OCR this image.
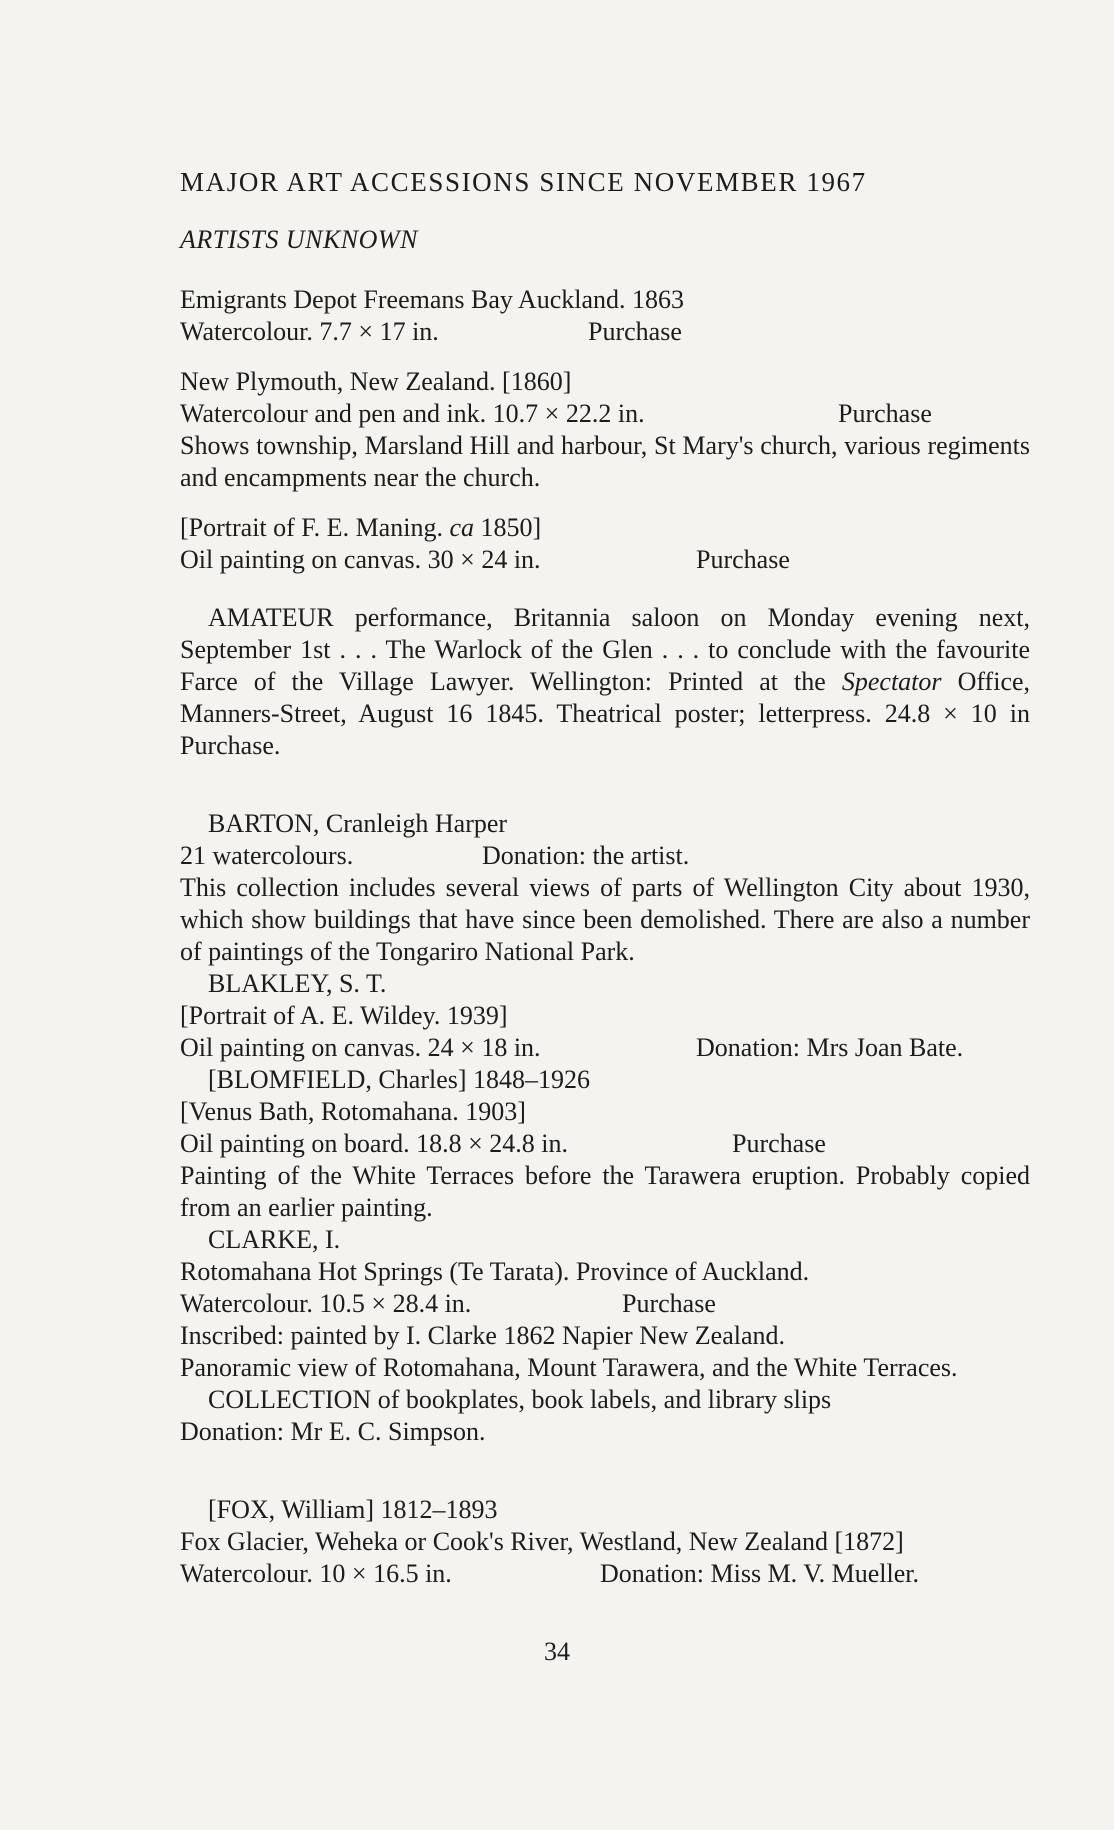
MAJOR ART ACCESSIONS SINCE NOVEMBER 1967
ARTISTS UNKNOWN
Emigrants Depot Freemans Bay Auckland. 1863
Watercolour. 7.7 × 17 in.	Purchase
New Plymouth, New Zealand. [1860]
Watercolour and pen and ink. 10.7 × 22.2 in.	Purchase
Shows township, Marsland Hill and harbour, St Mary's church, various regiments and encampments near the church.
[Portrait of F. E. Maning. ca 1850]
Oil painting on canvas. 30 × 24 in.	Purchase
AMATEUR performance, Britannia saloon on Monday evening next, September 1st . . . The Warlock of the Glen . . . to conclude with the favourite Farce of the Village Lawyer. Wellington: Printed at the Spectator Office, Manners-Street, August 16 1845. Theatrical poster; letterpress. 24.8 × 10 in Purchase.
BARTON, Cranleigh Harper
21 watercolours.	Donation: the artist.
This collection includes several views of parts of Wellington City about 1930, which show buildings that have since been demolished. There are also a number of paintings of the Tongariro National Park.
BLAKLEY, S. T.
[Portrait of A. E. Wildey. 1939]
Oil painting on canvas. 24 × 18 in.	Donation: Mrs Joan Bate.
[BLOMFIELD, Charles] 1848–1926
[Venus Bath, Rotomahana. 1903]
Oil painting on board. 18.8 × 24.8 in.	Purchase
Painting of the White Terraces before the Tarawera eruption. Probably copied from an earlier painting.
CLARKE, I.
Rotomahana Hot Springs (Te Tarata). Province of Auckland.
Watercolour. 10.5 × 28.4 in.	Purchase
Inscribed: painted by I. Clarke 1862 Napier New Zealand.
Panoramic view of Rotomahana, Mount Tarawera, and the White Terraces.
COLLECTION of bookplates, book labels, and library slips
Donation: Mr E. C. Simpson.
[FOX, William] 1812–1893
Fox Glacier, Weheka or Cook's River, Westland, New Zealand [1872]
Watercolour. 10 × 16.5 in.	Donation: Miss M. V. Mueller.
34
